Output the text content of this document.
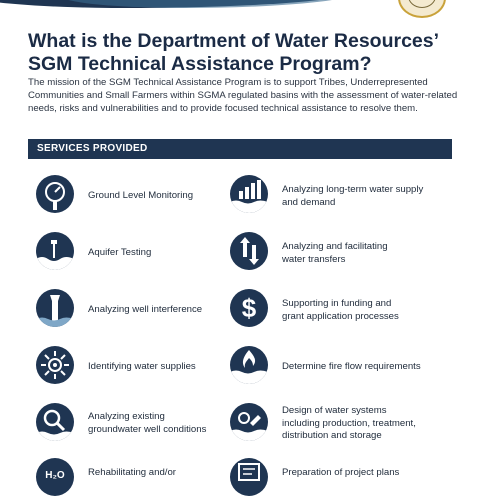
What is the Department of Water Resources’ SGM Technical Assistance Program?

The mission of the SGM Technical Assistance Program is to support Tribes, Underrepresented Communities and Small Farmers within SGMA regulated basins with the assessment of water-related needs, risks and vulnerabilities and to provide focused technical assistance to resolve them.

SERVICES PROVIDED
Ground Level Monitoring
Aquifer Testing
Analyzing well interference
Identifying water supplies
Analyzing existing
groundwater well conditions
H₂O Rehabilitating and/or
Analyzing long-term water supply
and demand
Analyzing and facilitating
water transfers
$	Supporting in funding and
grant application processes
Determine fire flow requirements
Design of water systems
including production, treatment,
distribution and storage
Preparation of project plans
